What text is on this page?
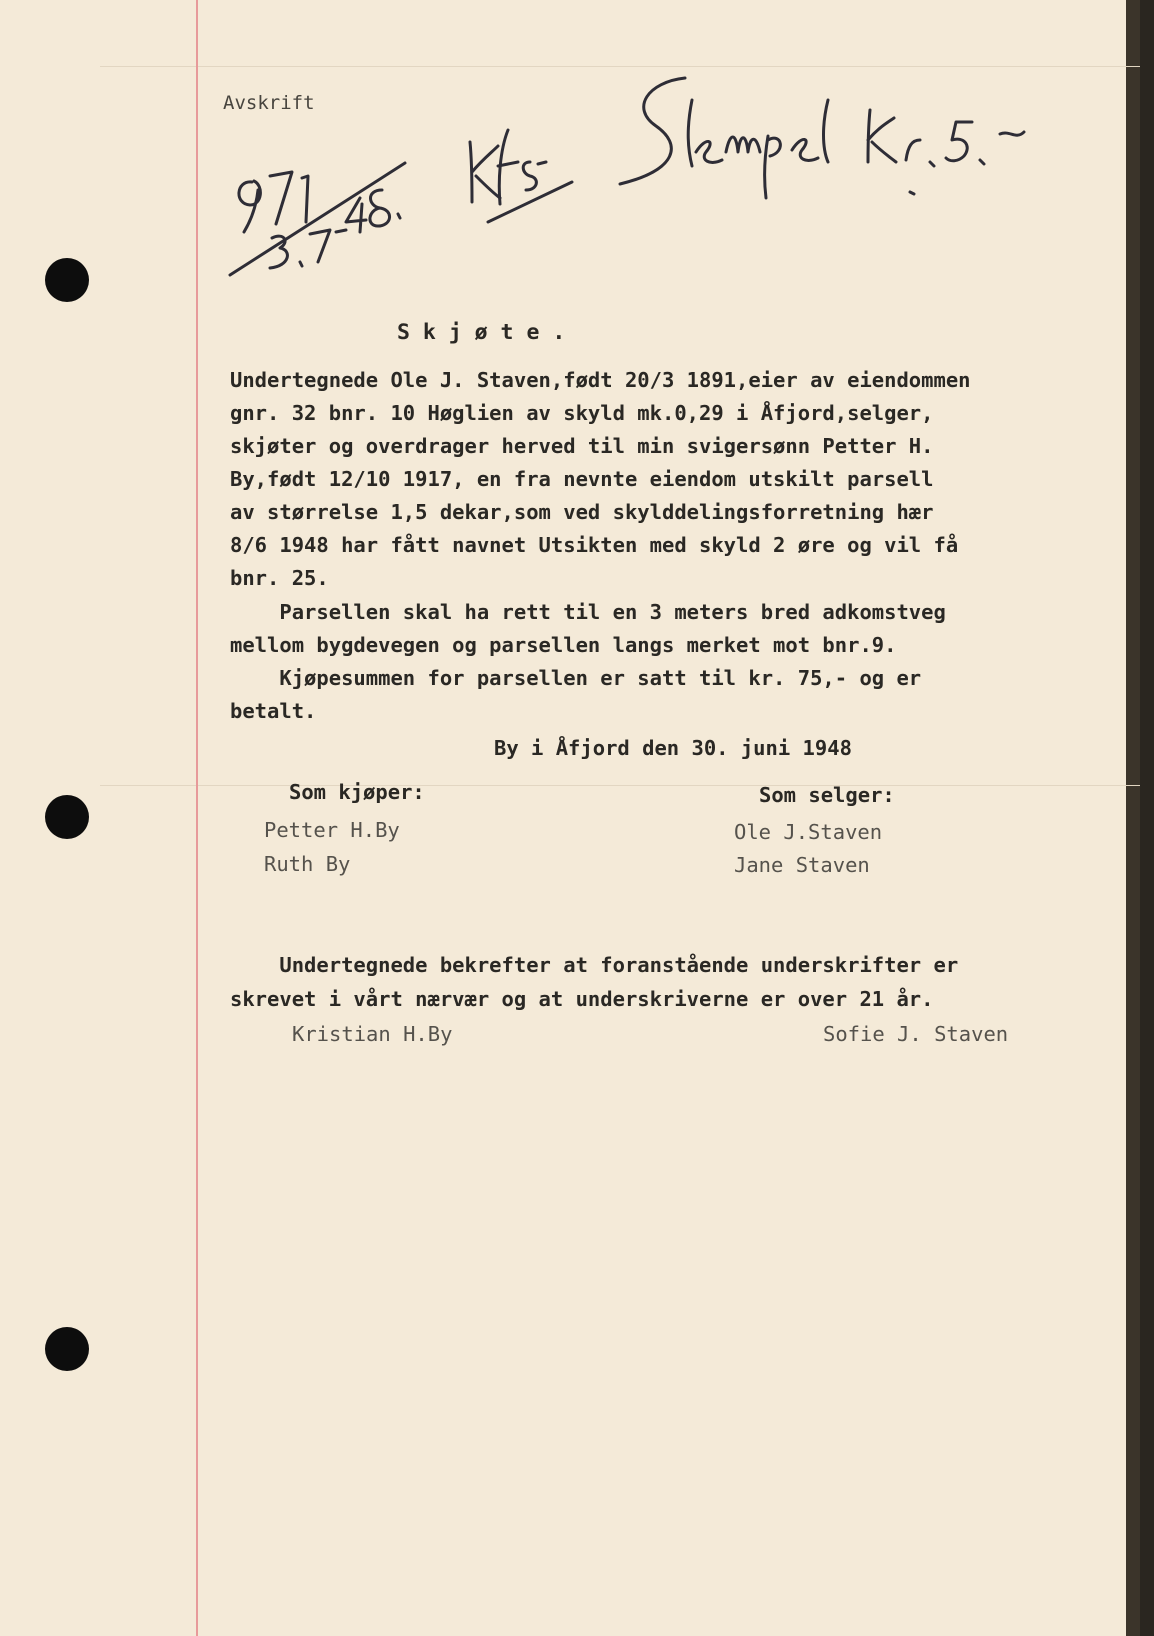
Avskrift

S k j ø t e .

Undertegnede Ole J. Staven,født 20/3 1891,eier av eiendommen

gnr. 32 bnr. 10 Høglien av skyld mk.0,29 i Åfjord,selger,

skjøter og overdrager herved til min svigersønn Petter H.

By,født 12/10 1917, en fra nevnte eiendom utskilt parsell

av størrelse 1,5 dekar,som ved skylddelingsforretning hær

8/6 1948 har fått navnet Utsikten med skyld 2 øre og vil få

bnr. 25.

Parsellen skal ha rett til en 3 meters bred adkomstveg

mellom bygdevegen og parsellen langs merket mot bnr.9.

Kjøpesummen for parsellen er satt til kr. 75,- og er

betalt.

By i Åfjord den 30. juni 1948

Som kjøper:	Som selger:

Petter H.By

Ruth By

Ole J.Staven

Jane Staven

Undertegnede bekrefter at foranstående underskrifter er

skrevet i vårt nærvær og at underskriverne er over 21 år.

Kristian H.By	Sofie J. Staven
